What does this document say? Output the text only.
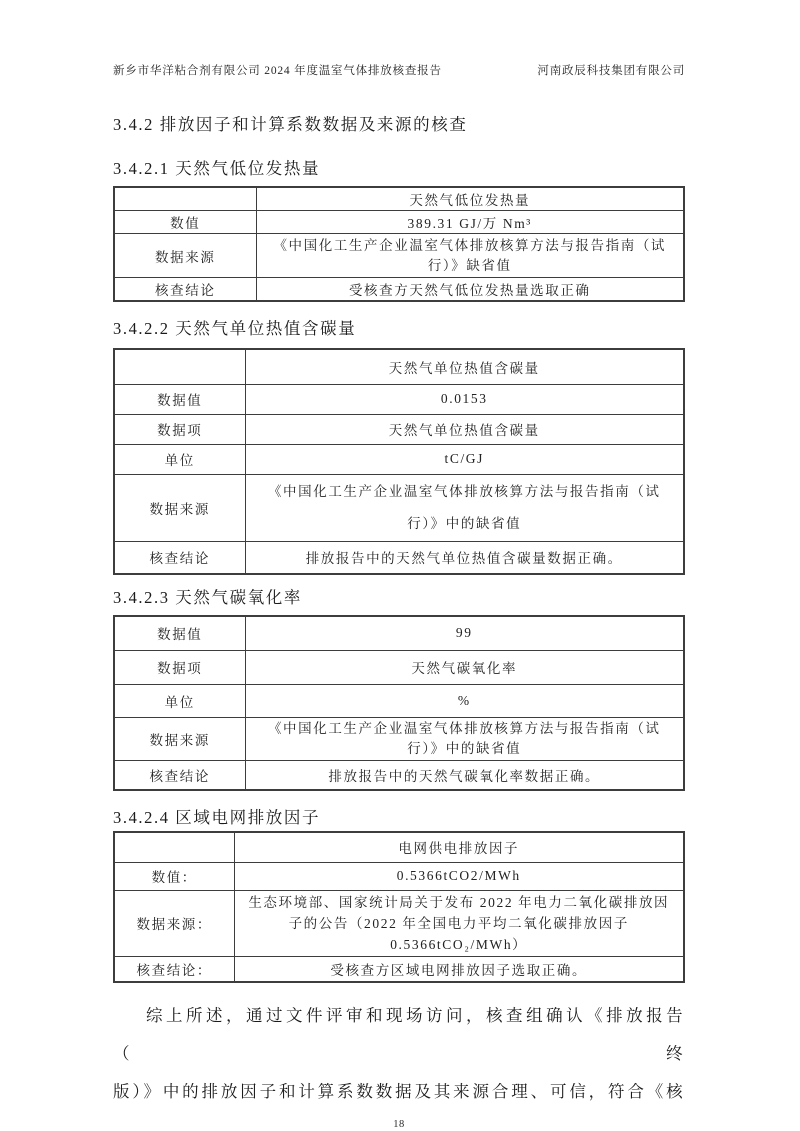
新乡市华洋粘合剂有限公司 2024 年度温室气体排放核查报告	河南政辰科技集团有限公司
3.4.2 排放因子和计算系数数据及来源的核查
3.4.2.1 天然气低位发热量
	天然气低位发热量
数值	389.31 GJ/万 Nm³
数据来源	《中国化工生产企业温室气体排放核算方法与报告指南（试
行）》缺省值

核查结论	受核查方天然气低位发热量选取正确
3.4.2.2 天然气单位热值含碳量
	天然气单位热值含碳量
数据值	0.0153
数据项	天然气单位热值含碳量
单位	tC/GJ
数据来源	《中国化工生产企业温室气体排放核算方法与报告指南（试
行）》中的缺省值

核查结论	排放报告中的天然气单位热值含碳量数据正确。
3.4.2.3 天然气碳氧化率
数据值	99
数据项	天然气碳氧化率
单位	%
数据来源	《中国化工生产企业温室气体排放核算方法与报告指南（试
行）》中的缺省值

核查结论	排放报告中的天然气碳氧化率数据正确。
3.4.2.4 区域电网排放因子
	电网供电排放因子
数值：	0.5366tCO2/MWh
数据来源：	生态环境部、国家统计局关于发布 2022 年电力二氧化碳排放因
子的公告（2022 年全国电力平均二氧化碳排放因子
0.5366tCO₂/MWh）

核查结论：	受核查方区域电网排放因子选取正确。
综上所述，通过文件评审和现场访问，核查组确认《排放报告（终
版）》中的排放因子和计算系数数据及其来源合理、可信，符合《核
18
